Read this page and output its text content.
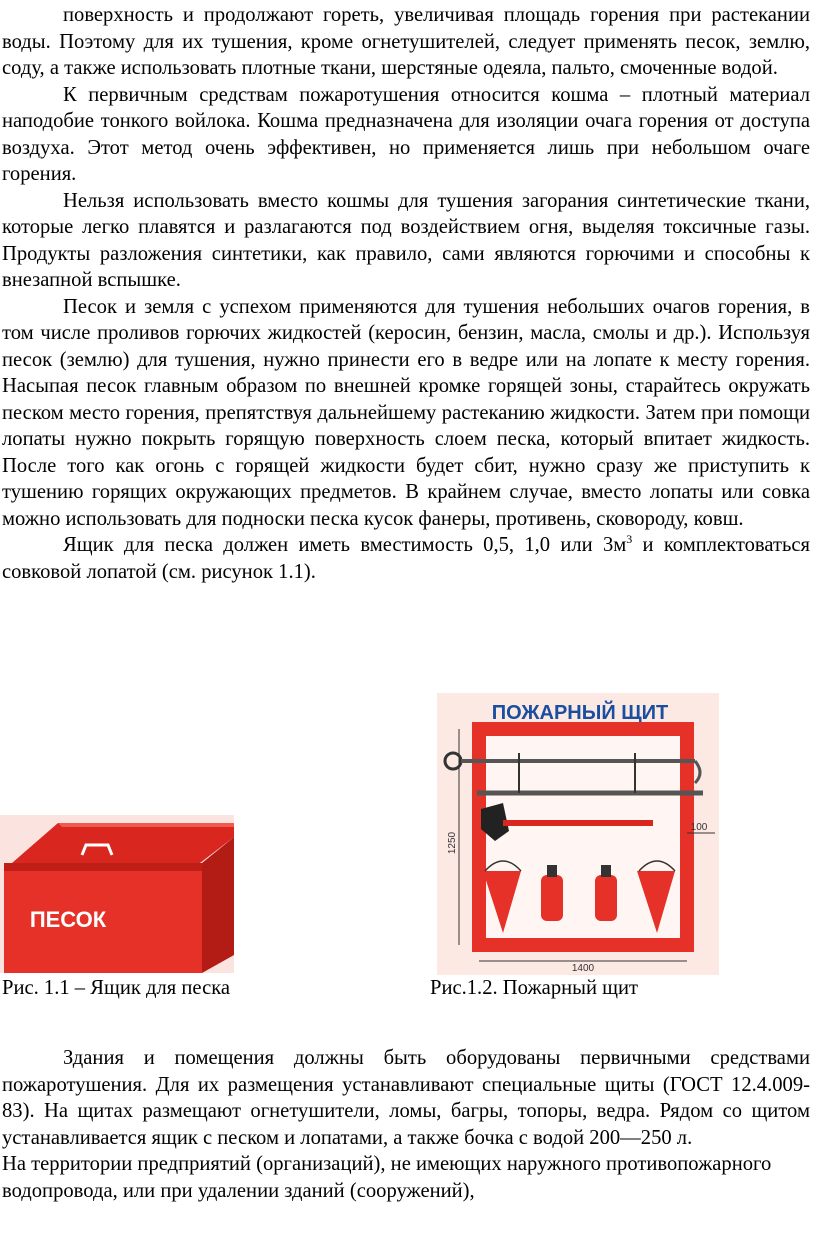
поверхность и продолжают гореть, увеличивая площадь горения при растекании воды. Поэтому для их тушения, кроме огнетушителей, следует применять песок, землю, соду, а также использовать плотные ткани, шерстяные одеяла, пальто, смоченные водой.

К первичным средствам пожаротушения относится кошма – плотный материал наподобие тонкого войлока. Кошма предназначена для изоляции очага горения от доступа воздуха. Этот метод очень эффективен, но применяется лишь при небольшом очаге горения.

Нельзя использовать вместо кошмы для тушения загорания синтетические ткани, которые легко плавятся и разлагаются под воздействием огня, выделяя токсичные газы. Продукты разложения синтетики, как правило, сами являются горючими и способны к внезапной вспышке.

Песок и земля с успехом применяются для тушения небольших очагов горения, в том числе проливов горючих жидкостей (керосин, бензин, масла, смолы и др.). Используя песок (землю) для тушения, нужно принести его в ведре или на лопате к месту горения. Насыпая песок главным образом по внешней кромке горящей зоны, старайтесь окружать песком место горения, препятствуя дальнейшему растеканию жидкости. Затем при помощи лопаты нужно покрыть горящую поверхность слоем песка, который впитает жидкость. После того как огонь с горящей жидкости будет сбит, нужно сразу же приступить к тушению горящих окружающих предметов. В крайнем случае, вместо лопаты или совка можно использовать для подноски песка кусок фанеры, противень, сковороду, ковш.

Ящик для песка должен иметь вместимость 0,5, 1,0 или $3м^3$ и комплектоваться совковой лопатой (см. рисунок 1.1).

ПЕСОК
ПОЖАРНЫЙ ЩИТ
1250
1400
100
Рис. 1.1 – Ящик для песка	Рис.1.2. Пожарный щит

Здания и помещения должны быть оборудованы первичными средствами пожаротушения. Для их размещения устанавливают специальные щиты (ГОСТ 12.4.009-83). На щитах размещают огнетушители, ломы, багры, топоры, ведра. Рядом со щитом устанавливается ящик с песком и лопатами, а также бочка с водой 200—250 л.

На территории предприятий (организаций), не имеющих наружного противопожарного водопровода, или при удалении зданий (сооружений),
